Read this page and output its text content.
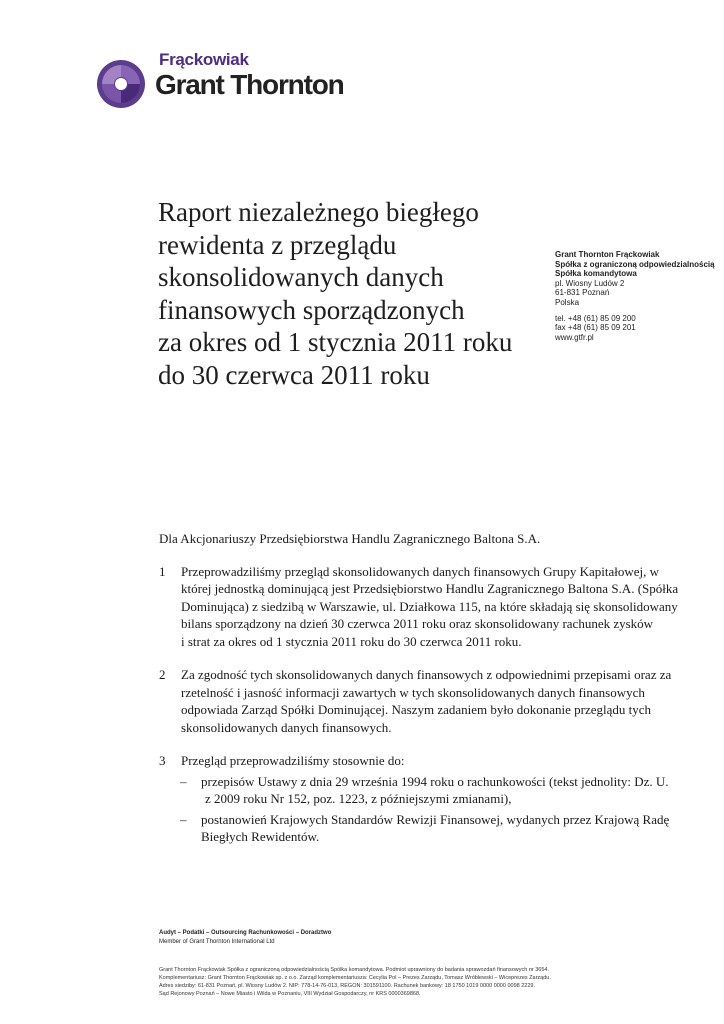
Frąckowiak
Grant Thornton
Raport niezależnego biegłego
rewidenta z przeglądu
skonsolidowanych danych
finansowych sporządzonych
za okres od 1 stycznia 2011 roku
do 30 czerwca 2011 roku
Grant Thornton Frąckowiak
Spółka z ograniczoną odpowiedzialnością
Spółka komandytowa
pl. Wiosny Ludów 2
61-831 Poznań
Polska
tel. +48 (61) 85 09 200
fax +48 (61) 85 09 201
www.gtfr.pl
Dla Akcjonariuszy Przedsiębiorstwa Handlu Zagranicznego Baltona S.A.
1 Przeprowadziliśmy przegląd skonsolidowanych danych finansowych Grupy Kapitałowej, w
której jednostką dominującą jest Przedsiębiorstwo Handlu Zagranicznego Baltona S.A. (Spółka
Dominująca) z siedzibą w Warszawie, ul. Działkowa 115, na które składają się skonsolidowany
bilans sporządzony na dzień 30 czerwca 2011 roku oraz skonsolidowany rachunek zysków
i strat za okres od 1 stycznia 2011 roku do 30 czerwca 2011 roku.
2 Za zgodność tych skonsolidowanych danych finansowych z odpowiednimi przepisami oraz za
rzetelność i jasność informacji zawartych w tych skonsolidowanych danych finansowych
odpowiada Zarząd Spółki Dominującej. Naszym zadaniem było dokonanie przeglądu tych
skonsolidowanych danych finansowych.
3 Przegląd przeprowadziliśmy stosownie do:
– przepisów Ustawy z dnia 29 września 1994 roku o rachunkowości (tekst jednolity: Dz. U.
z 2009 roku Nr 152, poz. 1223, z późniejszymi zmianami),
– postanowień Krajowych Standardów Rewizji Finansowej, wydanych przez Krajową Radę
Biegłych Rewidentów.
Audyt – Podatki – Outsourcing Rachunkowości – Doradztwo
Member of Grant Thornton International Ltd
Grant Thornton Frąckowiak Spółka z ograniczoną odpowiedzialnością Spółka komandytowa. Podmiot uprawniony do badania sprawozdań finansowych nr 3654.
Komplementariusz: Grant Thornton Frąckowiak sp. z o.o. Zarząd komplementariusza: Cecylia Pol – Prezes Zarządu, Tomasz Wróblewski – Wiceprezes Zarządu.
Adres siedziby: 61-831 Poznań, pl. Wiosny Ludów 2. NIP: 778-14-76-013, REGON: 301591100. Rachunek bankowy: 18 1750 1019 0000 0000 0098 2229.
Sąd Rejonowy Poznań – Nowe Miasto i Wilda w Poznaniu, VIII Wydział Gospodarczy, nr KRS 0000369868.
